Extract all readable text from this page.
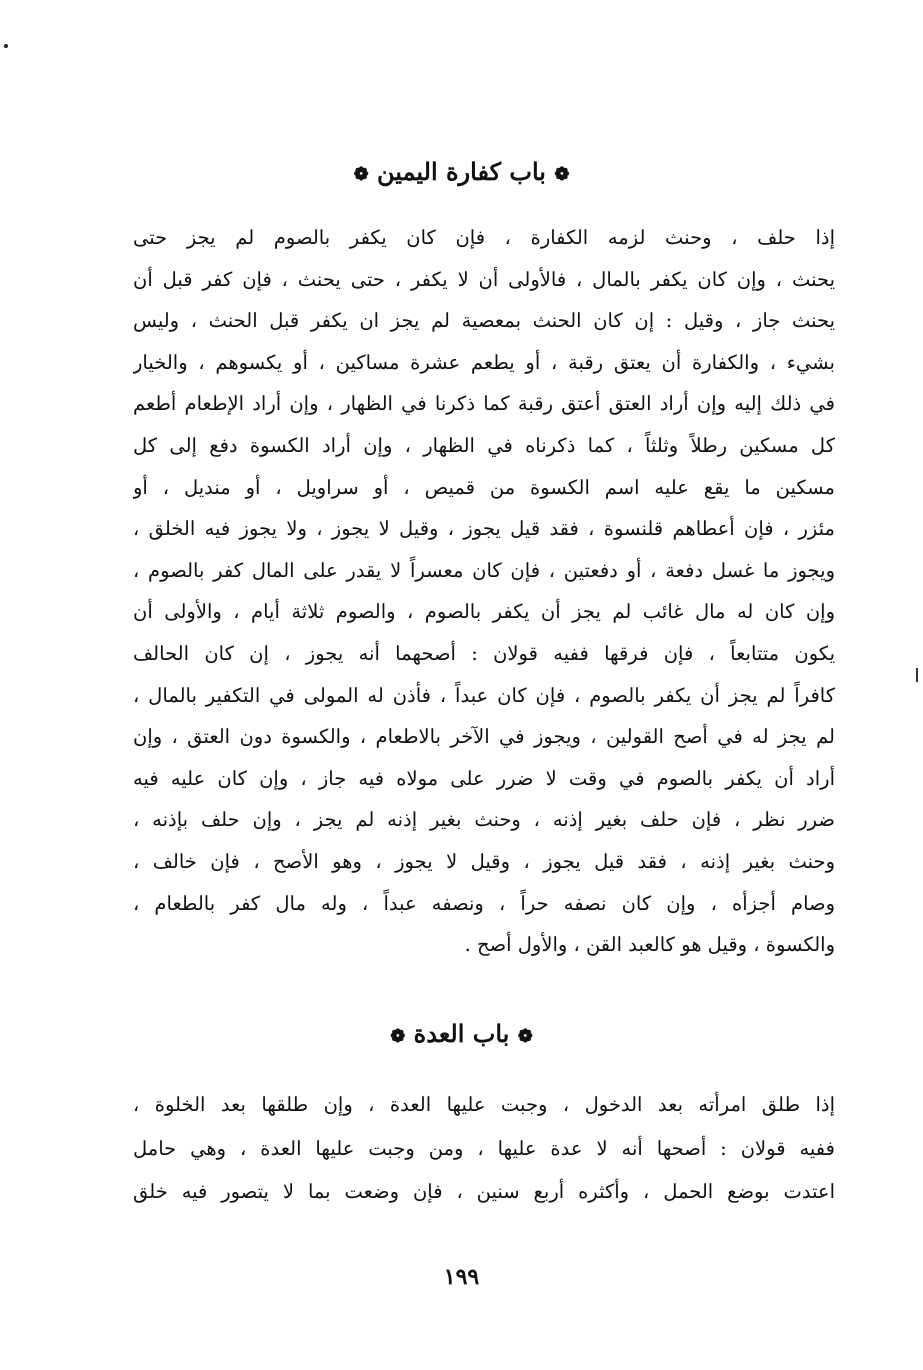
❁ باب كفارة اليمين ❁
إذا حلف ، وحنث لزمه الكفارة ، فإن كان يكفر بالصوم لم يجز حتى
يحنث ، وإن كان يكفر بالمال ، فالأولى أن لا يكفر ، حتى يحنث ، فإن كفر قبل أن
يحنث جاز ، وقيل : إن كان الحنث بمعصية لم يجز ان يكفر قبل الحنث ، وليس
بشيء ، والكفارة أن يعتق رقبة ، أو يطعم عشرة مساكين ، أو يكسوهم ، والخيار
في ذلك إليه وإن أراد العتق أعتق رقبة كما ذكرنا في الظهار ، وإن أراد الإطعام أطعم
كل مسكين رطلاً وثلثاً ، كما ذكرناه في الظهار ، وإن أراد الكسوة دفع إلى كل
مسكين ما يقع عليه اسم الكسوة من قميص ، أو سراويل ، أو منديل ، أو
مئزر ، فإن أعطاهم قلنسوة ، فقد قيل يجوز ، وقيل لا يجوز ، ولا يجوز فيه الخلق ،
ويجوز ما غسل دفعة ، أو دفعتين ، فإن كان معسراً لا يقدر على المال كفر بالصوم ،
وإن كان له مال غائب لم يجز أن يكفر بالصوم ، والصوم ثلاثة أيام ، والأولى أن
يكون متتابعاً ، فإن فرقها ففيه قولان : أصحهما أنه يجوز ، إن كان الحالف
كافراً لم يجز أن يكفر بالصوم ، فإن كان عبداً ، فأذن له المولى في التكفير بالمال ،
لم يجز له في أصح القولين ، ويجوز في الآخر بالاطعام ، والكسوة دون العتق ، وإن
أراد أن يكفر بالصوم في وقت لا ضرر على مولاه فيه جاز ، وإن كان عليه فيه
ضرر نظر ، فإن حلف بغير إذنه ، وحنث بغير إذنه لم يجز ، وإن حلف بإذنه ،
وحنث بغير إذنه ، فقد قيل يجوز ، وقيل لا يجوز ، وهو الأصح ، فإن خالف ،
وصام أجزأه ، وإن كان نصفه حراً ، ونصفه عبداً ، وله مال كفر بالطعام ،
والكسوة ، وقيل هو كالعبد القن ، والأول أصح .
❁ باب العدة ❁
إذا طلق امرأته بعد الدخول ، وجبت عليها العدة ، وإن طلقها بعد الخلوة ،
ففيه قولان : أصحها أنه لا عدة عليها ، ومن وجبت عليها العدة ، وهي حامل
اعتدت بوضع الحمل ، وأكثره أربع سنين ، فإن وضعت بما لا يتصور فيه خلق
١٩٩
